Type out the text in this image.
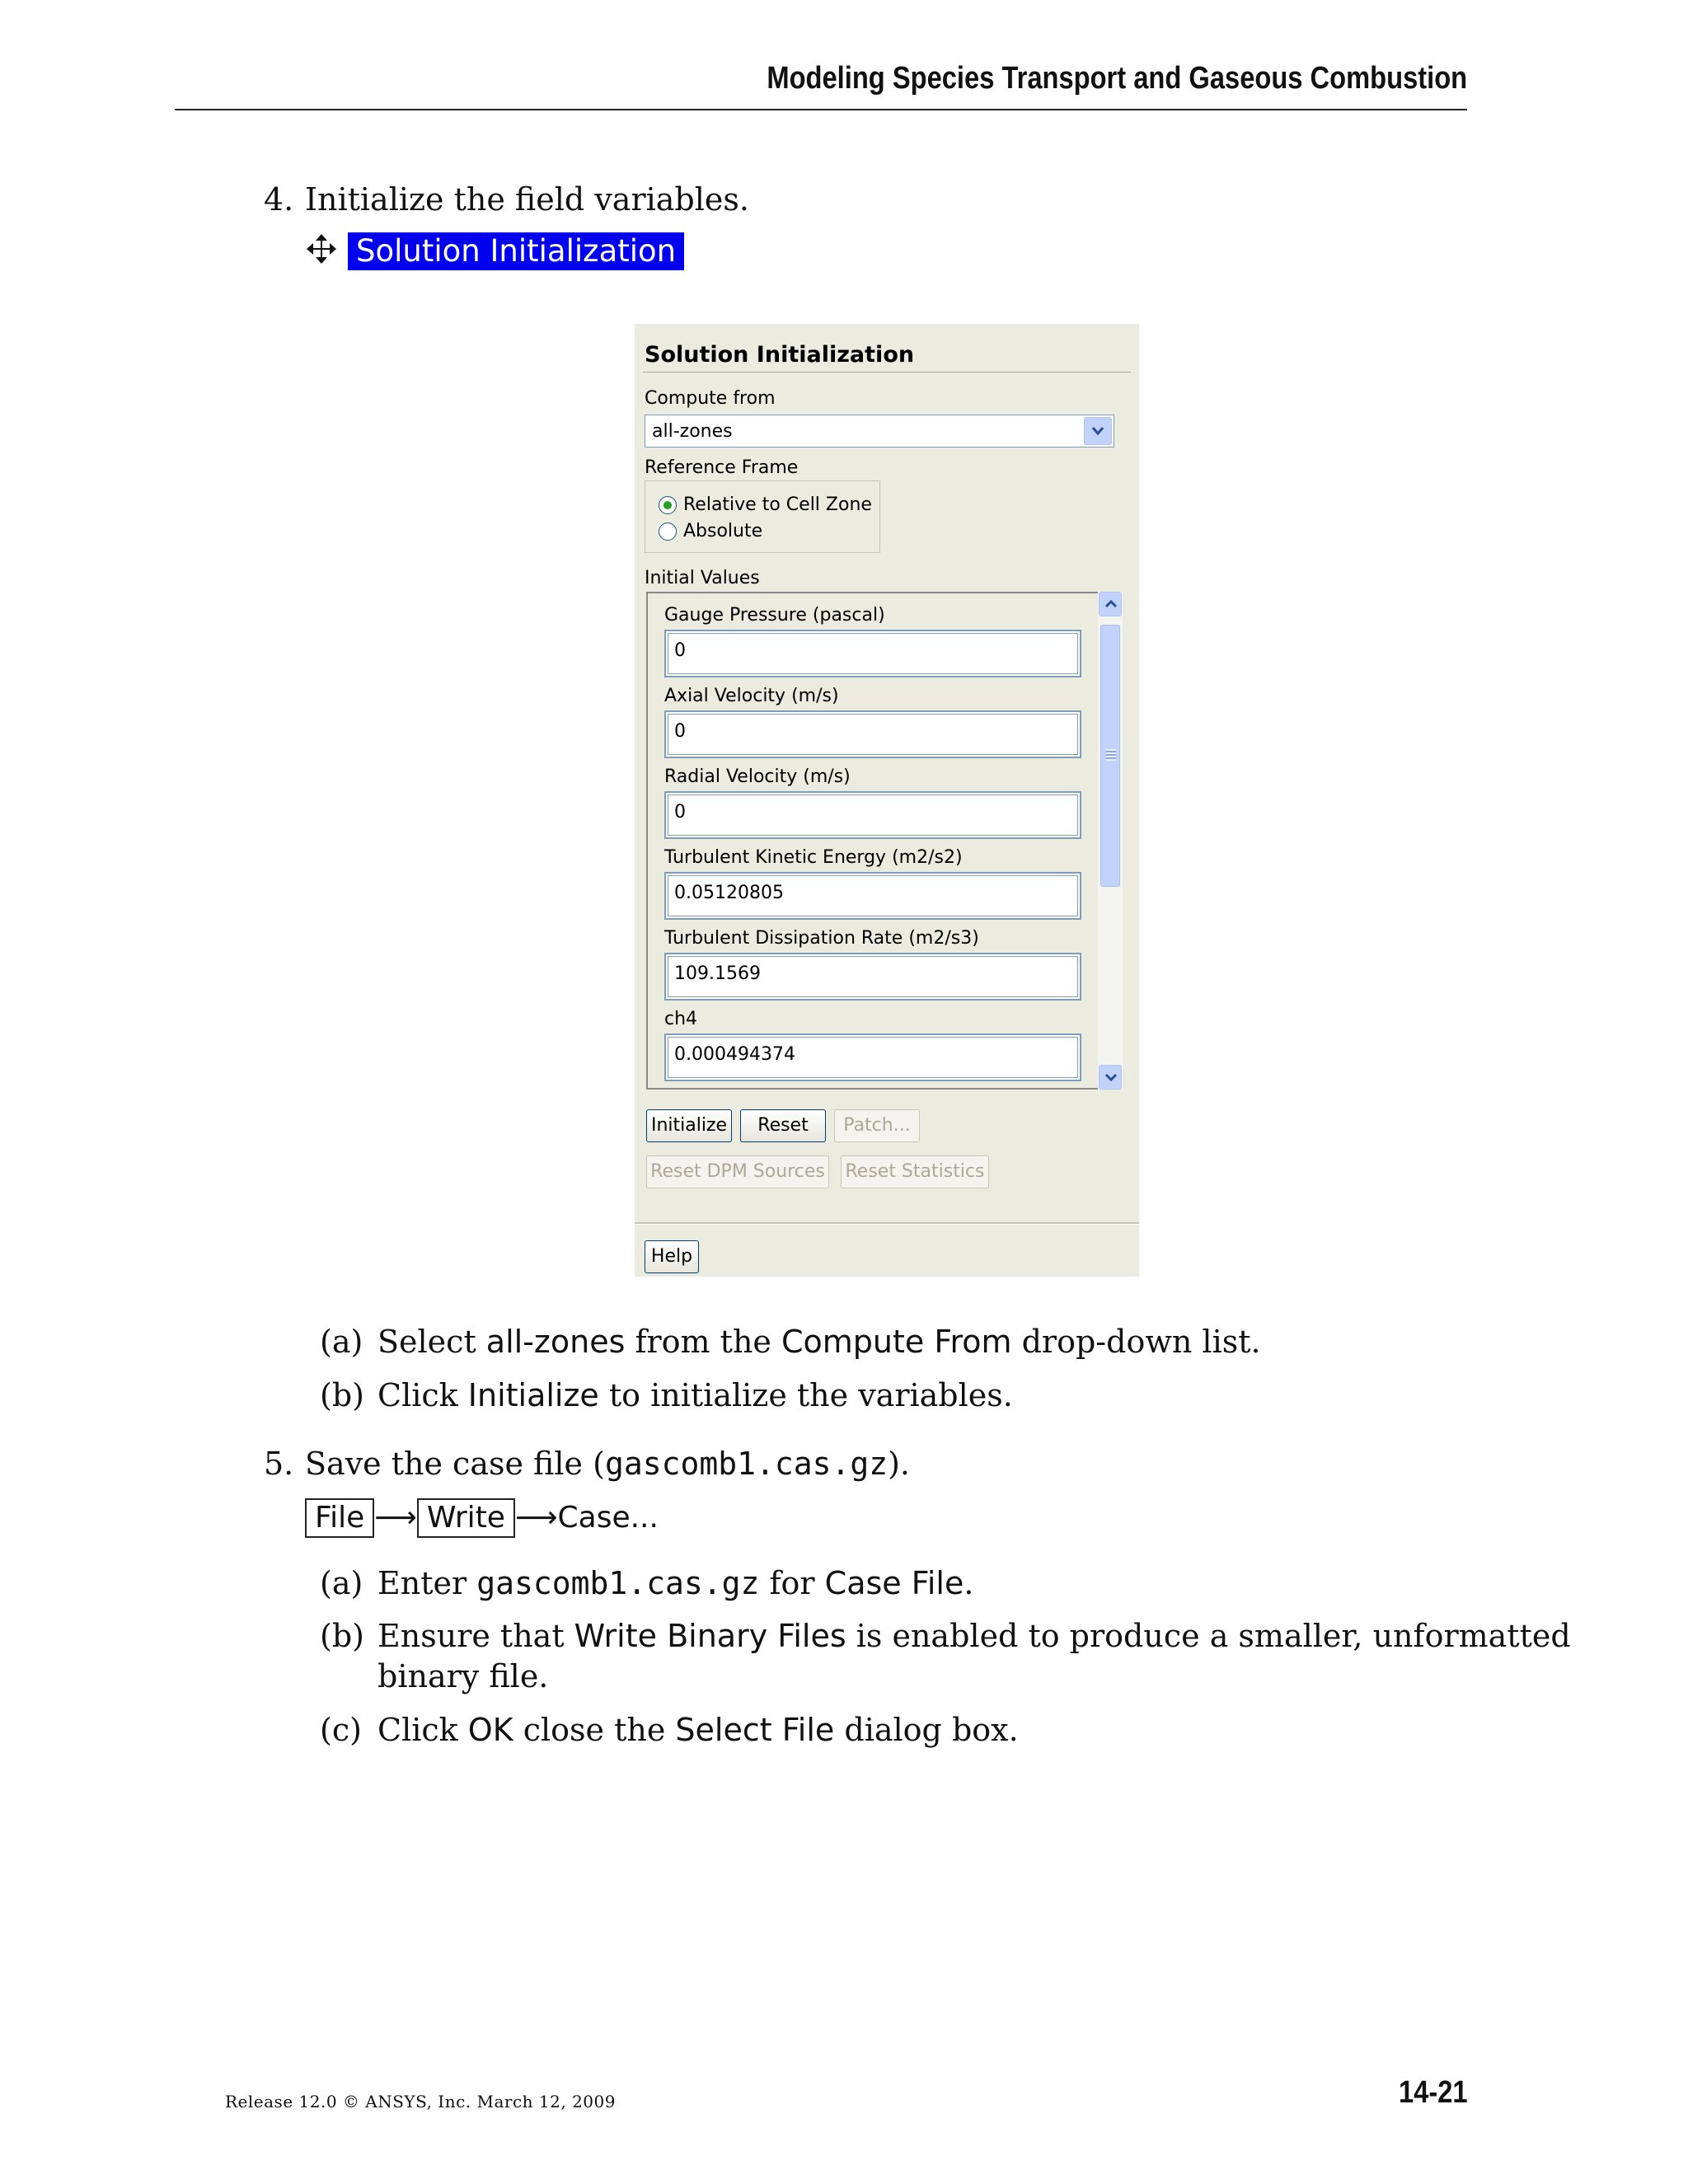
Modeling Species Transport and Gaseous Combustion
4. Initialize the field variables.
Solution Initialization
Solution Initialization
Compute from
all-zones
Reference Frame
Relative to Cell Zone
Absolute
Initial Values
Gauge Pressure (pascal)
0
Axial Velocity (m/s)
0
Radial Velocity (m/s)
0
Turbulent Kinetic Energy (m2/s2)
0.05120805
Turbulent Dissipation Rate (m2/s3)
109.1569
ch4
0.000494374
Initialize	Reset	Patch...
Reset DPM Sources Reset Statistics
Help
(a) Select all-zones from the Compute From drop-down list.
(b) Click Initialize to initialize the variables.
5. Save the case file (gascomb1.cas.gz).
File ⟶ Write ⟶Case...
(a) Enter gascomb1.cas.gz for Case File.
(b) Ensure that Write Binary Files is enabled to produce a smaller, unformatted
binary file.
(c) Click OK close the Select File dialog box.
Release 12.0 © ANSYS, Inc. March 12, 2009	14-21
